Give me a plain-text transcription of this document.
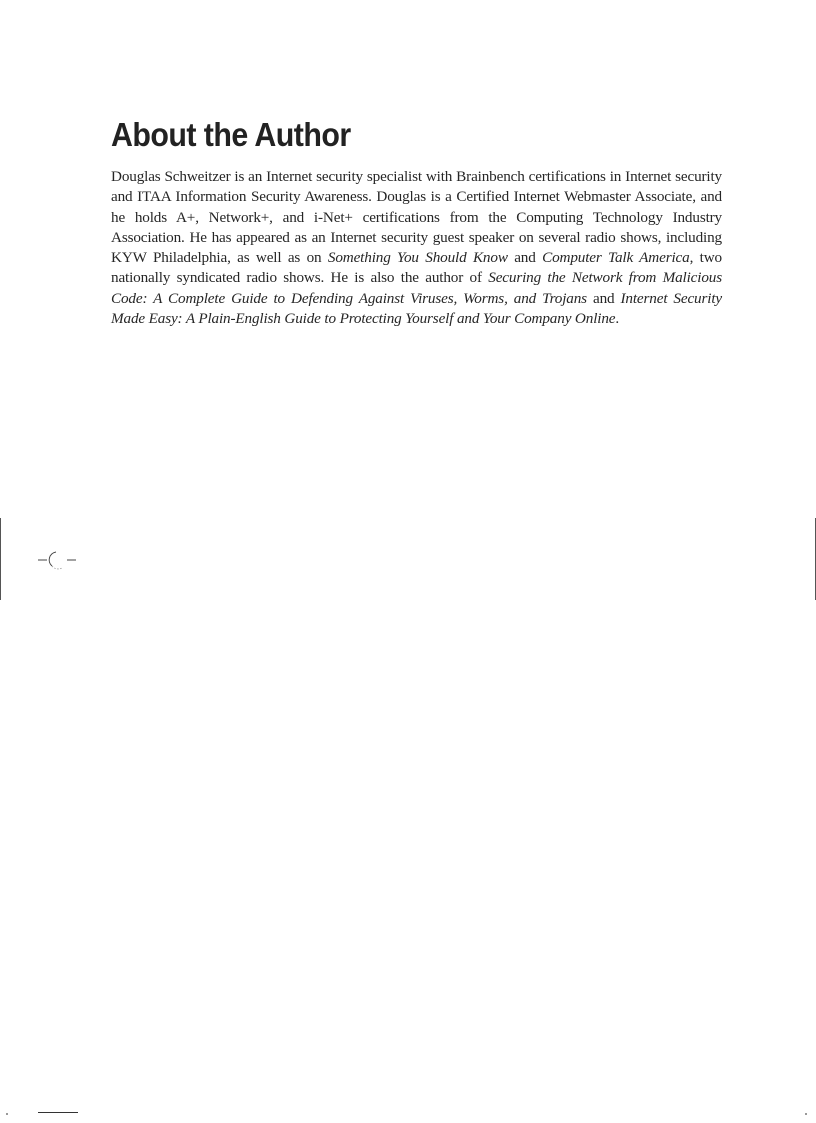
About the Author

Douglas Schweitzer is an Internet security specialist with Brainbench certifications in Internet security and ITAA Information Security Awareness. Douglas is a Certified Internet Webmaster Associate, and he holds A+, Network+, and i-Net+ certifications from the Computing Technology Industry Association. He has appeared as an Internet security guest speaker on several radio shows, including KYW Philadelphia, as well as on Something You Should Know and Computer Talk America, two nationally syndicated radio shows. He is also the author of Securing the Network from Malicious Code: A Complete Guide to Defending Against Viruses, Worms, and Trojans and Internet Security Made Easy: A Plain-English Guide to Protecting Yourself and Your Company Online.
